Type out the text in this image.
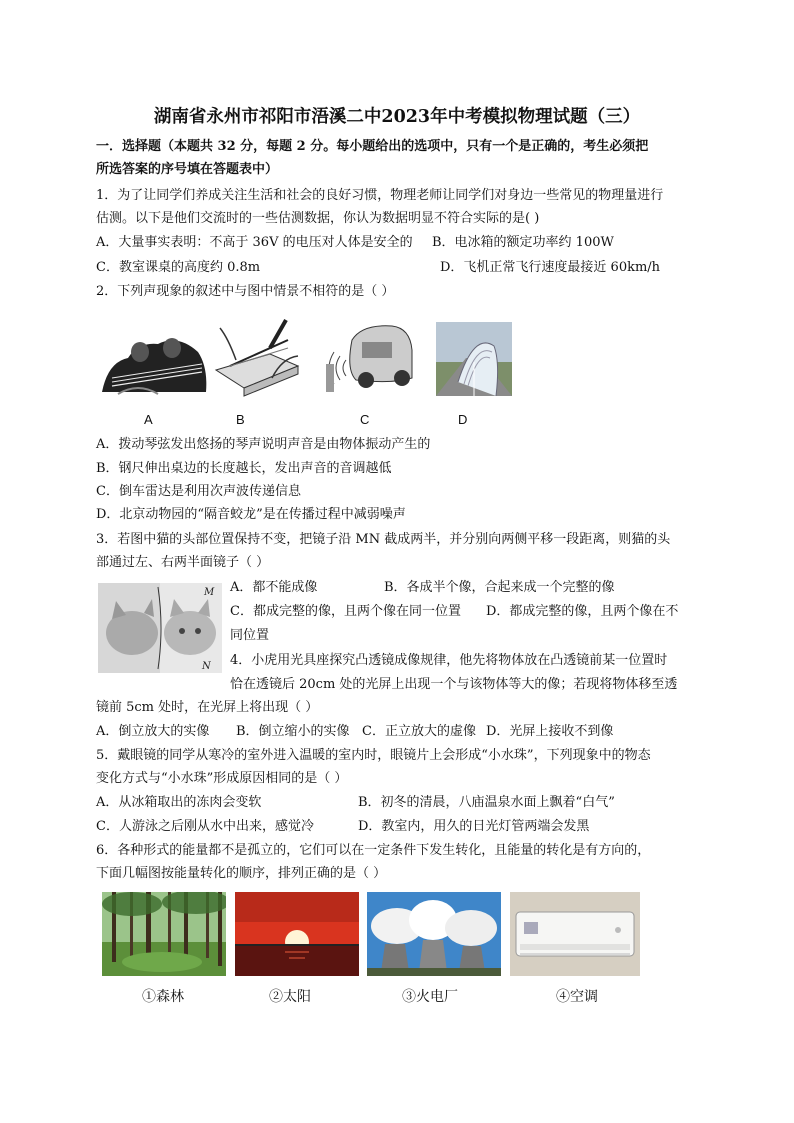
湖南省永州市祁阳市浯溪二中2023年中考模拟物理试题（三）
一．选择题（本题共 32 分，每题 2 分。每小题给出的选项中，只有一个是正确的，考生必须把
所选答案的序号填在答题表中）
1．为了让同学们养成关注生活和社会的良好习惯，物理老师让同学们对身边一些常见的物理量进行
估测。以下是他们交流时的一些估测数据，你认为数据明显不符合实际的是( )
A．大量事实表明：不高于 36V 的电压对人体是安全的 B．电冰箱的额定功率约 100W
C．教室课桌的高度约 0.8m	D．飞机正常飞行速度最接近 60km/h
2．下列声现象的叙述中与图中情景不相符的是（ ）
A	B	C	D
A．拨动琴弦发出悠扬的琴声说明声音是由物体振动产生的
B．钢尺伸出桌边的长度越长，发出声音的音调越低
C．倒车雷达是利用次声波传递信息
D．北京动物园的“隔音蛟龙”是在传播过程中减弱噪声
3．若图中猫的头部位置保持不变，把镜子沿 MN 截成两半，并分别向两侧平移一段距离，则猫的头
部通过左、右两半面镜子（ ）
M
N
A．都不能成像	B．各成半个像，合起来成一个完整的像
C．都成完整的像，且两个像在同一位置 D．都成完整的像，且两个像在不
同位置
4．小虎用光具座探究凸透镜成像规律，他先将物体放在凸透镜前某一位置时
恰在透镜后 20cm 处的光屏上出现一个与该物体等大的像；若现将物体移至透
镜前 5cm 处时，在光屏上将出现（ ）
A．倒立放大的实像 B．倒立缩小的实像 C．正立放大的虚像 D．光屏上接收不到像
5．戴眼镜的同学从寒冷的室外进入温暖的室内时，眼镜片上会形成“小水珠”，下列现象中的物态
变化方式与“小水珠”形成原因相同的是（ ）
A．从冰箱取出的冻肉会变软	B．初冬的清晨，八庙温泉水面上飘着“白气”
C．人游泳之后刚从水中出来，感觉冷	D．教室内，用久的日光灯管两端会发黑
6．各种形式的能量都不是孤立的，它们可以在一定条件下发生转化，且能量的转化是有方向的，
下面几幅图按能量转化的顺序，排列正确的是（ ）
①森林	②太阳	③火电厂	④空调
